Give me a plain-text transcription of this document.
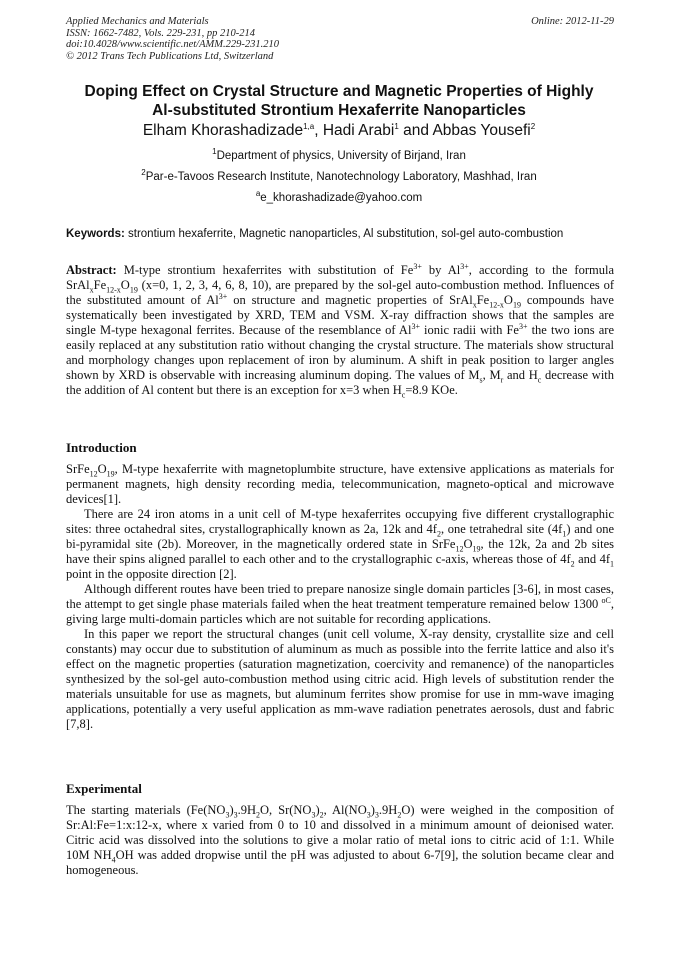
Applied Mechanics and Materials
ISSN: 1662-7482, Vols. 229-231, pp 210-214
doi:10.4028/www.scientific.net/AMM.229-231.210
© 2012 Trans Tech Publications Ltd, Switzerland
Online: 2012-11-29
Doping Effect on Crystal Structure and Magnetic Properties of Highly
Al-substituted Strontium Hexaferrite Nanoparticles
Elham Khorashadizade$^{1,a}$, Hadi Arabi$^1$ and Abbas Yousefi$^2$
$^1$Department of physics, University of Birjand, Iran
$^2$Par-e-Tavoos Research Institute, Nanotechnology Laboratory, Mashhad, Iran
$^a$e_khorashadizade@yahoo.com
Keywords: strontium hexaferrite, Magnetic nanoparticles, Al substitution, sol-gel auto-combustion

Abstract: M-type strontium hexaferrites with substitution of $Fe^{3+}$ by $Al^{3+}$, according to the formula $SrAl_xFe_{12-x}O_{19}$ (x=0, 1, 2, 3, 4, 6, 8, 10), are prepared by the sol-gel auto-combustion method. Influences of the substituted amount of $Al^{3+}$ on structure and magnetic properties of $SrAl_xFe_{12-x}O_{19}$ compounds have systematically been investigated by XRD, TEM and VSM. X-ray diffraction shows that the samples are single M-type hexagonal ferrites. Because of the resemblance of $Al^{3+}$ ionic radii with $Fe^{3+}$ the two ions are easily replaced at any substitution ratio without changing the crystal structure. The materials show structural and morphology changes upon replacement of iron by aluminum. A shift in peak position to larger angles shown by XRD is observable with increasing aluminum doping. The values of $M_s$, $M_r$ and $H_c$ decrease with the addition of Al content but there is an exception for x=3 when $H_c=8.9$ KOe.

Introduction

$SrFe_{12}O_{19}$, M-type hexaferrite with magnetoplumbite structure, have extensive applications as materials for permanent magnets, high density recording media, telecommunication, magneto-optical and microwave devices[1].

There are 24 iron atoms in a unit cell of M-type hexaferrites occupying five different crystallographic sites: three octahedral sites, crystallographically known as 2a, 12k and $4f_2$, one tetrahedral site $(4f_1)$ and one bi-pyramidal site (2b). Moreover, in the magnetically ordered state in $SrFe_{12}O_{19}$, the 12k, 2a and 2b sites have their spins aligned parallel to each other and to the crystallographic c-axis, whereas those of $4f_2$ and $4f_1$ point in the opposite direction [2].

Although different routes have been tried to prepare nanosize single domain particles [3-6], in most cases, the attempt to get single phase materials failed when the heat treatment temperature remained below 1300 $^{oC}$, giving large multi-domain particles which are not suitable for recording applications.

In this paper we report the structural changes (unit cell volume, X-ray density, crystallite size and cell constants) may occur due to substitution of aluminum as much as possible into the ferrite lattice and also it's effect on the magnetic properties (saturation magnetization, coercivity and remanence) of the nanoparticles synthesized by the sol-gel auto-combustion method using citric acid. High levels of substitution render the materials unsuitable for use as magnets, but aluminum ferrites show promise for use in mm-wave imaging applications, potentially a very useful application as mm-wave radiation penetrates aerosols, dust and fabric [7,8].

Experimental

The starting materials ($Fe(NO_3)_3.9H_2O$, $Sr(NO_3)_2$, $Al(NO_3)_3.9H_2O$) were weighed in the composition of Sr:Al:Fe=1:x:12-x, where x varied from 0 to 10 and dissolved in a minimum amount of deionised water. Citric acid was dissolved into the solutions to give a molar ratio of metal ions to citric acid of 1:1. While 10M $NH_4OH$ was added dropwise until the pH was adjusted to about 6-7[9], the solution became clear and homogeneous.
